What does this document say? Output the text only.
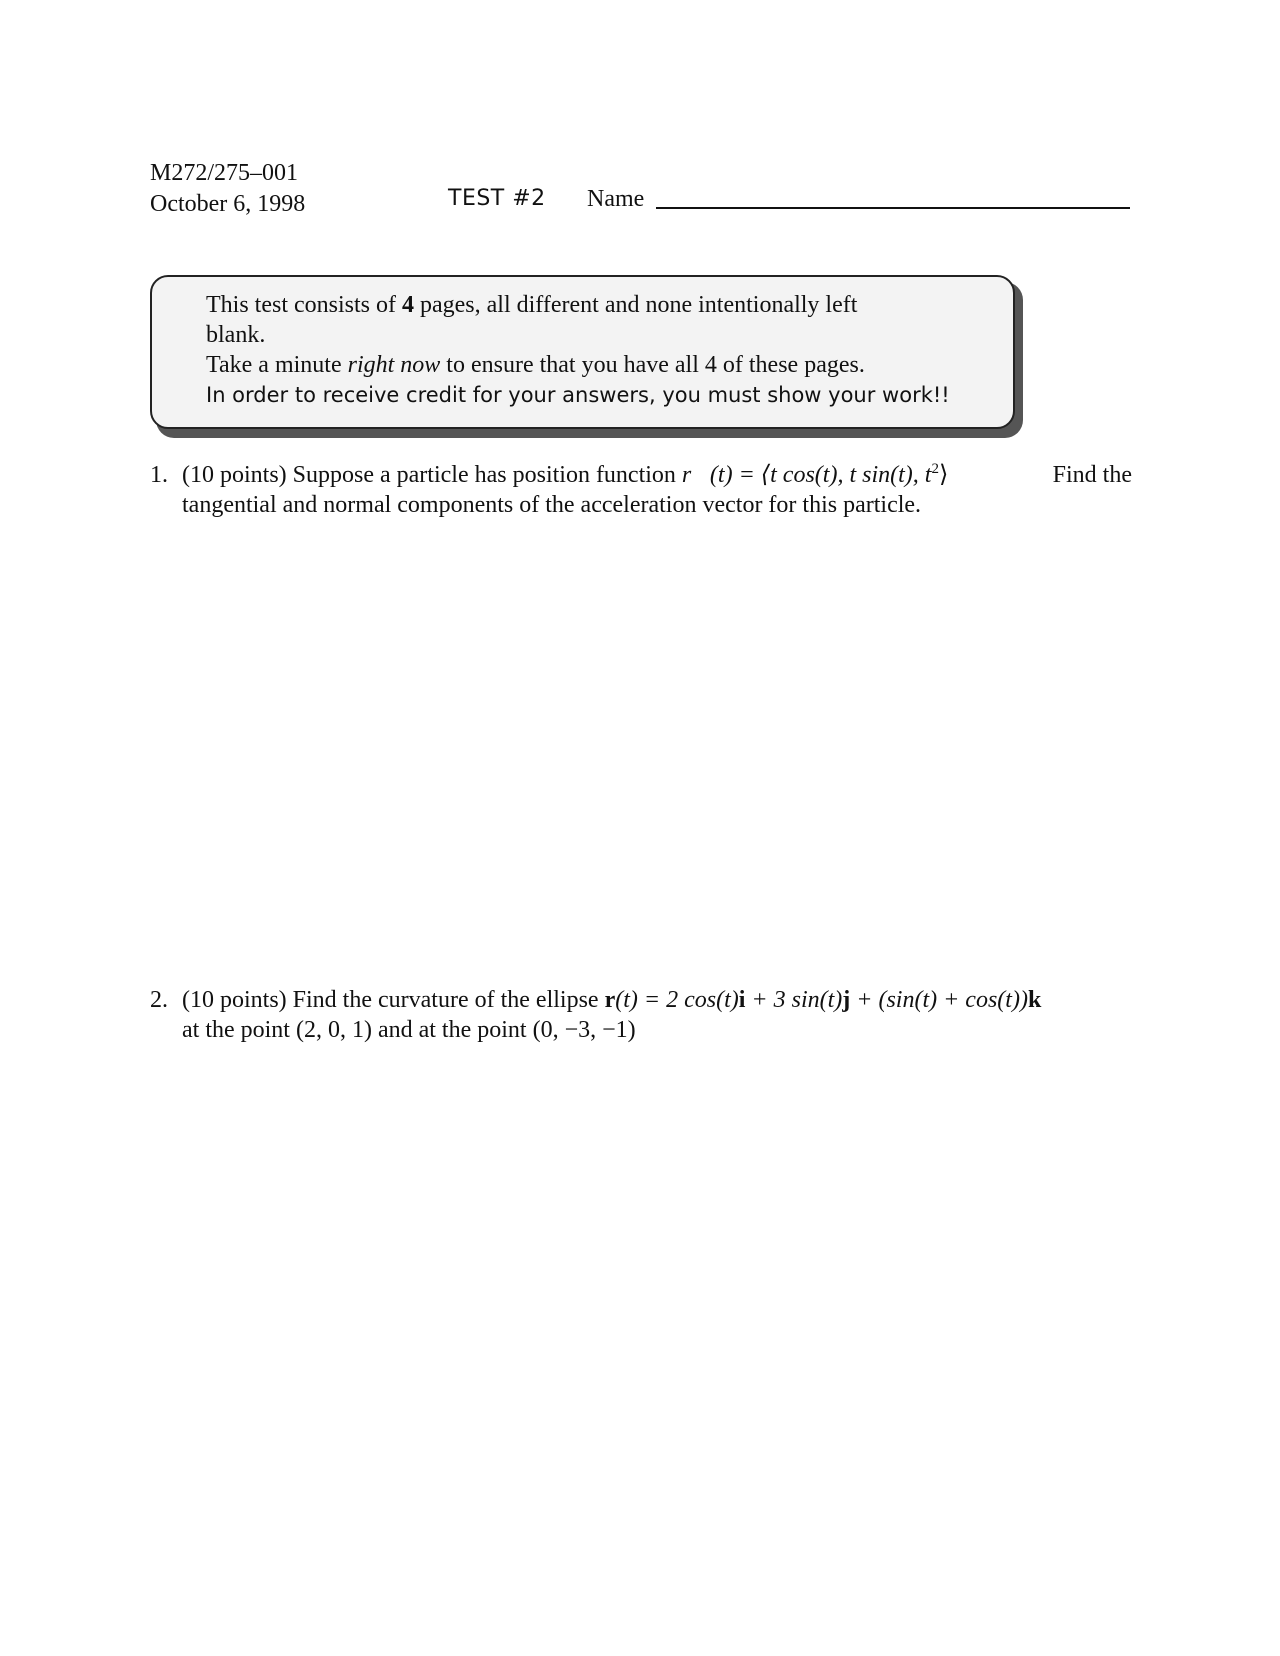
M272/275–001
October 6, 1998	TEST #2 Name
This test consists of 4 pages, all different and none intentionally left
blank.
Take a minute right now to ensure that you have all 4 of these pages.
In order to receive credit for your answers, you must show your work!!
1. (10 points) Suppose a particle has position function r⃗(t) = ⟨t cos(t), t sin(t), $t^2⟩$	Find the
tangential and normal components of the acceleration vector for this particle.
2. (10 points) Find the curvature of the ellipse r(t) = 2 cos(t)i + 3 sin(t)j + (sin(t) + cos(t))k
at the point (2, 0, 1) and at the point (0, −3, −1)
